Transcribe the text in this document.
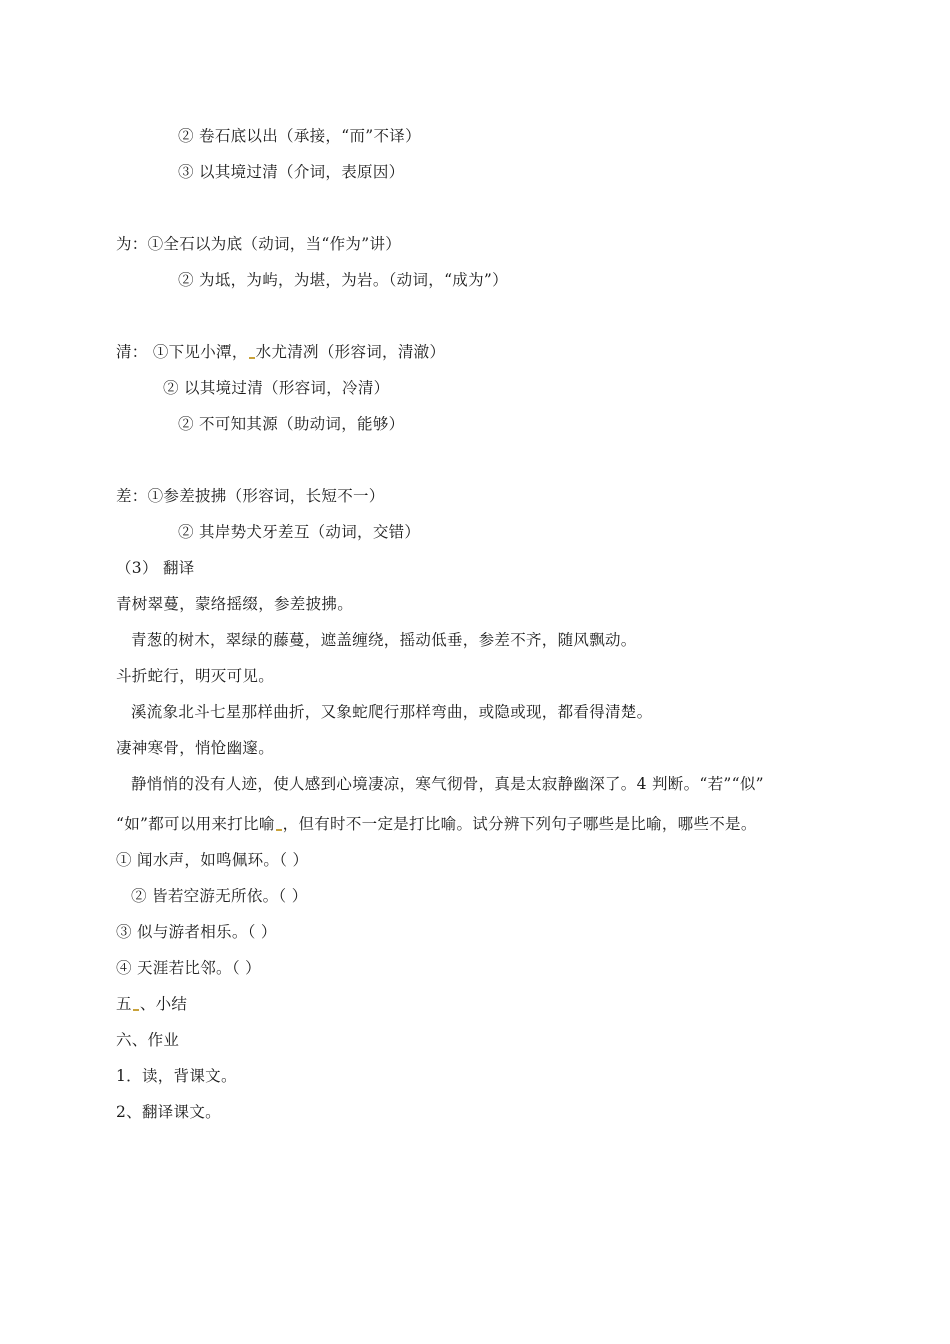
② 卷石底以出（承接，“而”不译）
③ 以其境过清（介词，表原因）
为：①全石以为底（动词，当“作为”讲）
② 为坻，为屿，为堪，为岩。（动词，“成为”）
清： ①下见小潭， 水尤清冽（形容词，清澈）
② 以其境过清（形容词，冷清）
② 不可知其源（助动词，能够）
差：①参差披拂（形容词，长短不一）
② 其岸势犬牙差互（动词，交错）
（3） 翻译
青树翠蔓，蒙络摇缀，参差披拂。
青葱的树木，翠绿的藤蔓，遮盖缠绕，摇动低垂，参差不齐，随风飘动。
斗折蛇行，明灭可见。
溪流象北斗七星那样曲折，又象蛇爬行那样弯曲，或隐或现，都看得清楚。
凄神寒骨，悄怆幽邃。
静悄悄的没有人迹，使人感到心境凄凉，寒气彻骨，真是太寂静幽深了。4 判断。“若”“似”
“如”都可以用来打比喻 ，但有时不一定是打比喻。试分辨下列句子哪些是比喻，哪些不是。
① 闻水声，如鸣佩环。（ ）
② 皆若空游无所依。（ ）
③ 似与游者相乐。（ ）
④ 天涯若比邻。（ ）
五 、小结
六、作业
1．读，背课文。
2、翻译课文。
